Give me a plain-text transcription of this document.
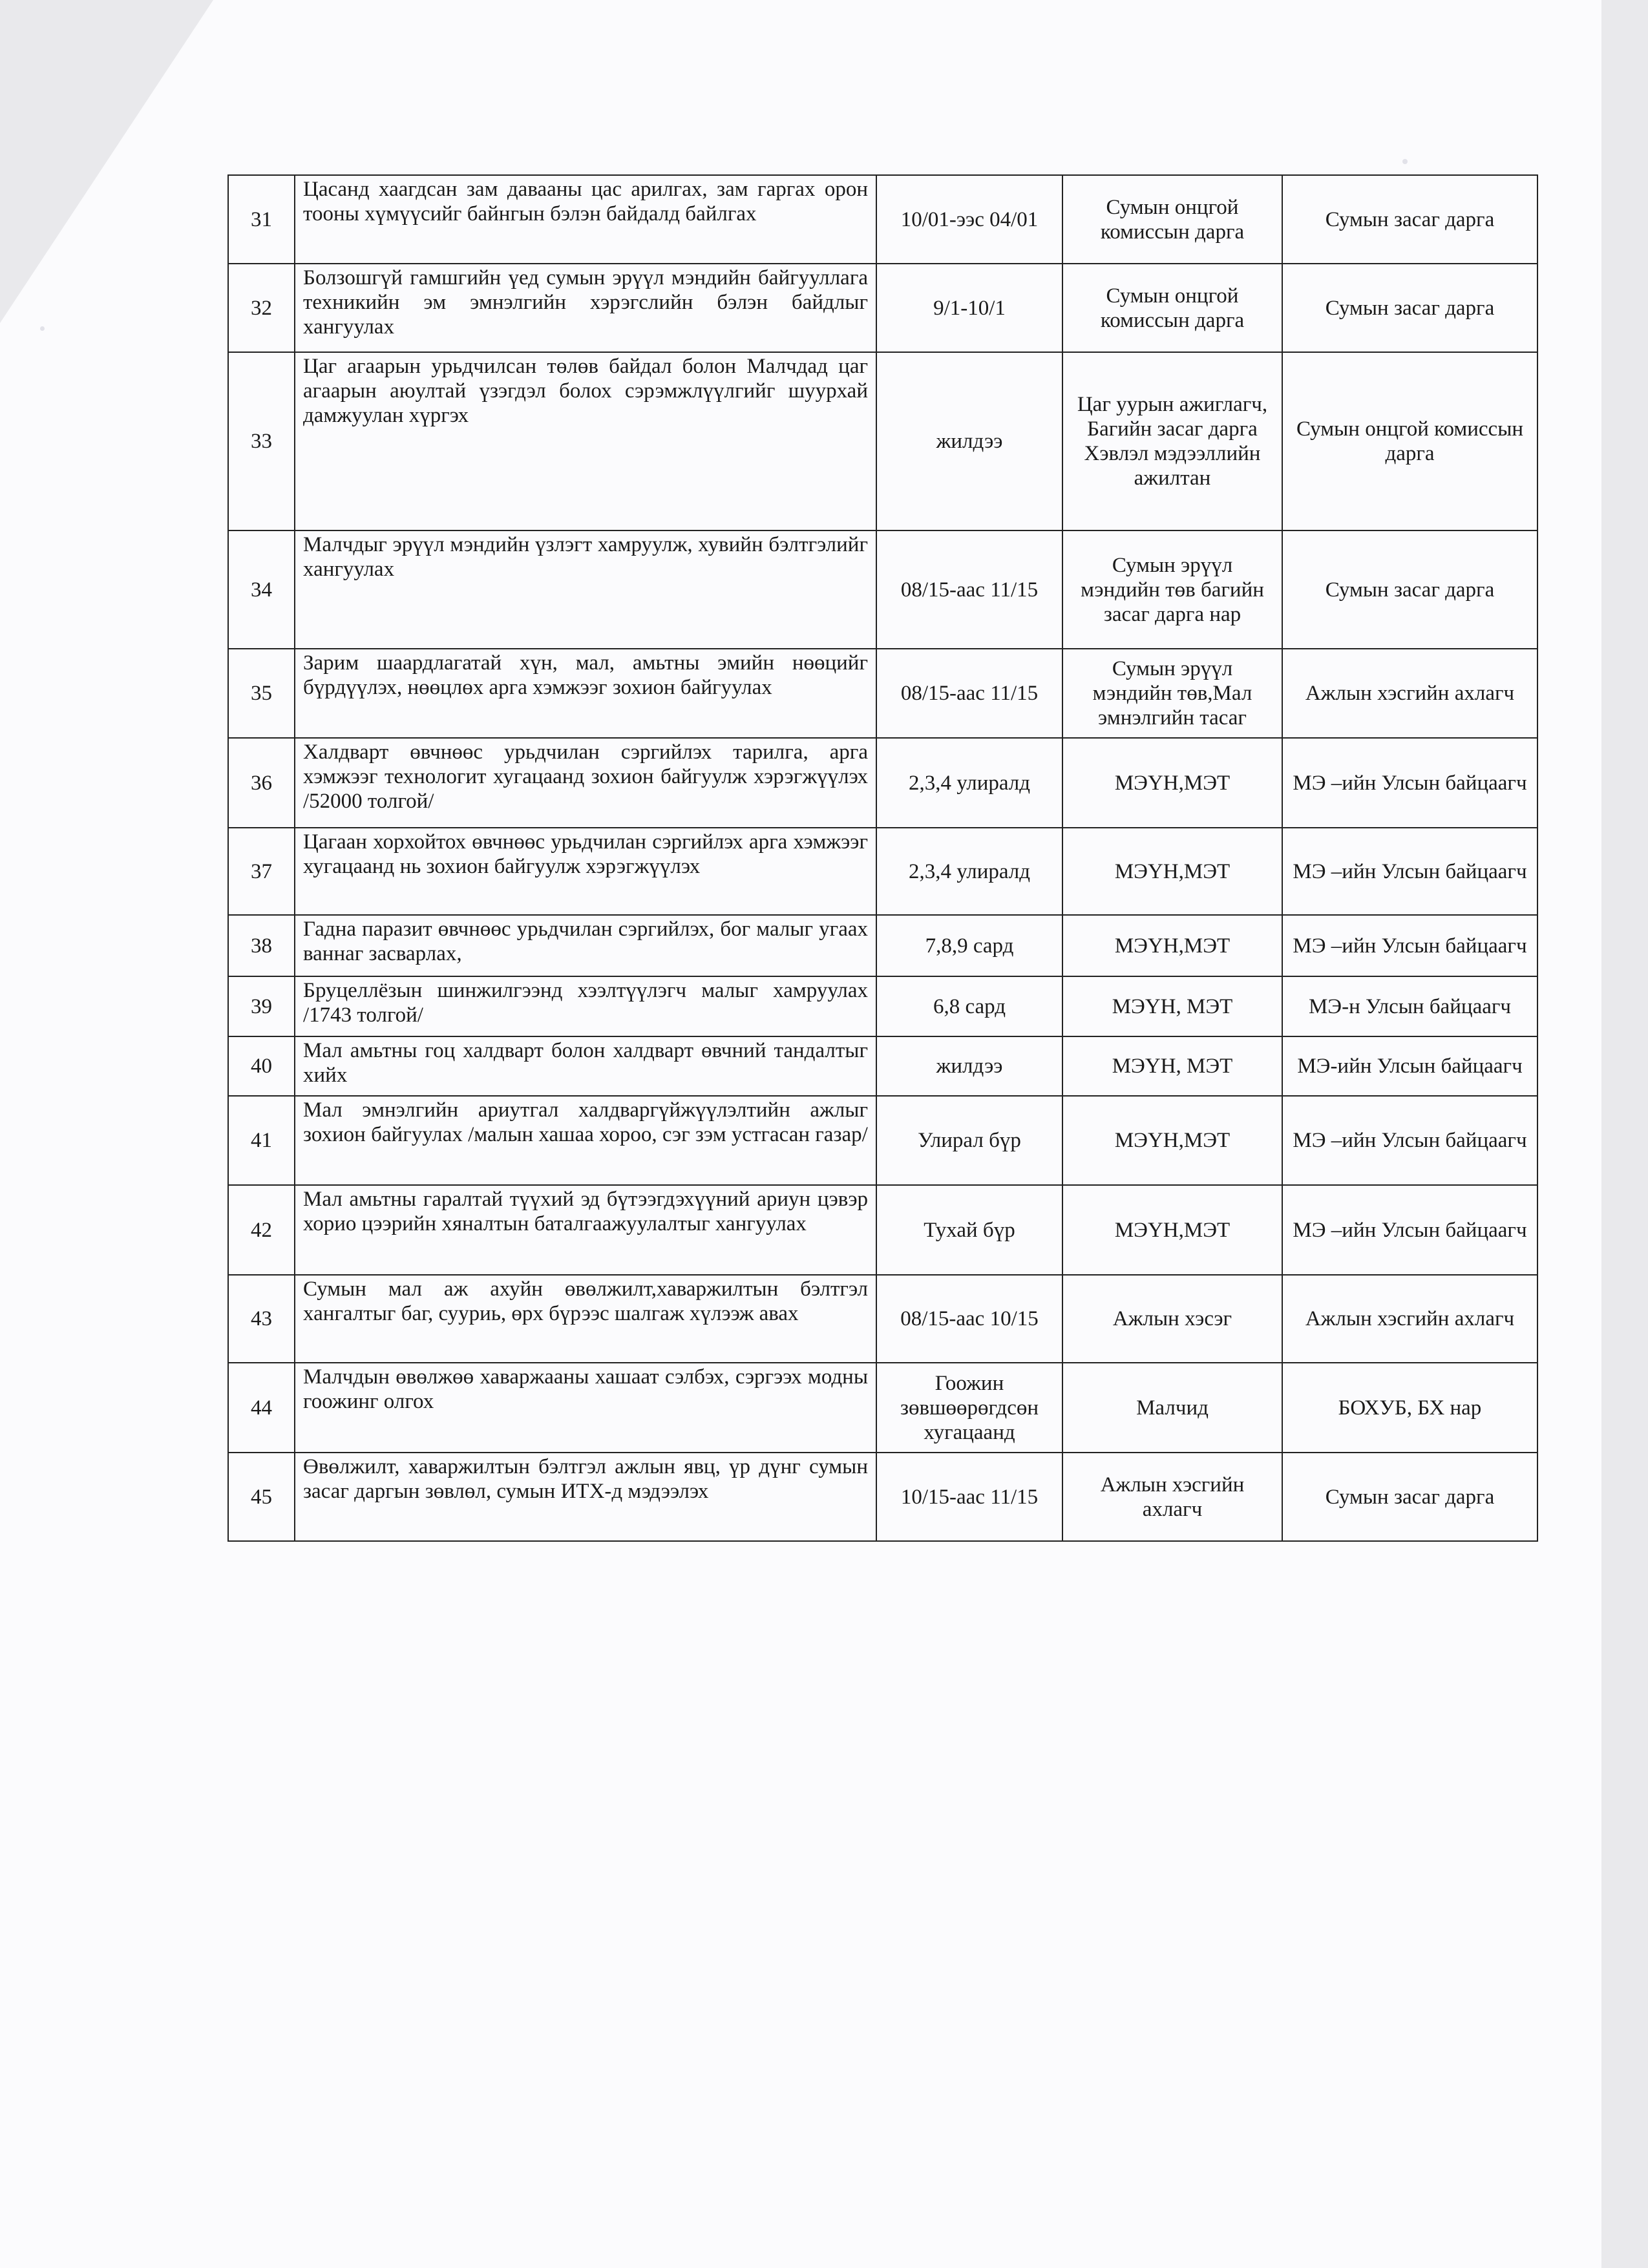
31	Цасанд хаагдсан зам давааны цас арилгах, зам гаргах орон тооны хүмүүсийг байнгын бэлэн байдалд байлгах	10/01-ээс 04/01	Сумын онцгой комиссын дарга	Сумын засаг дарга
32	Болзошгүй гамшгийн үед сумын эрүүл мэндийн байгууллага техникийн эм эмнэлгийн хэрэгслийн бэлэн байдлыг хангуулах	9/1-10/1	Сумын онцгой комиссын дарга	Сумын засаг дарга
33	Цаг агаарын урьдчилсан төлөв байдал болон Малчдад цаг агаарын аюултай үзэгдэл болох сэрэмжлүүлгийг шуурхай дамжуулан хүргэх	жилдээ	Цаг уурын ажиглагч, Багийн засаг дарга Хэвлэл мэдээллийн ажилтан	Сумын онцгой комиссын дарга
34	Малчдыг эрүүл мэндийн үзлэгт хамруулж, хувийн бэлтгэлийг хангуулах	08/15-аас 11/15	Сумын эрүүл мэндийн төв багийн засаг дарга нар	Сумын засаг дарга
35	Зарим шаардлагатай хүн, мал, амьтны эмийн нөөцийг бүрдүүлэх, нөөцлөх арга хэмжээг зохион байгуулах	08/15-аас 11/15	Сумын эрүүл мэндийн төв,Мал эмнэлгийн тасаг	Ажлын хэсгийн ахлагч
36	Халдварт өвчнөөс урьдчилан сэргийлэх тарилга, арга хэмжээг технологит хугацаанд зохион байгуулж хэрэгжүүлэх /52000 толгой/	2,3,4 улиралд	МЭҮН,МЭТ	МЭ –ийн Улсын байцаагч
37	Цагаан хорхойтох өвчнөөс урьдчилан сэргийлэх арга хэмжээг хугацаанд нь зохион байгуулж хэрэгжүүлэх	2,3,4 улиралд	МЭҮН,МЭТ	МЭ –ийн Улсын байцаагч
38	Гадна паразит өвчнөөс урьдчилан сэргийлэх, бог малыг угаах ваннаг засварлах,	7,8,9 сард	МЭҮН,МЭТ	МЭ –ийн Улсын байцаагч
39	Бруцеллёзын шинжилгээнд хээлтүүлэгч малыг хамруулах /1743 толгой/	6,8 сард	МЭҮН, МЭТ	МЭ-н Улсын байцаагч
40	Мал амьтны гоц халдварт болон халдварт өвчний тандалтыг хийх	жилдээ	МЭҮН, МЭТ	МЭ-ийн Улсын байцаагч
41	Мал эмнэлгийн ариутгал халдваргүйжүүлэлтийн ажлыг зохион байгуулах /малын хашаа хороо, сэг зэм устгасан газар/	Улирал бүр	МЭҮН,МЭТ	МЭ –ийн Улсын байцаагч
42	Мал амьтны гаралтай түүхий эд бүтээгдэхүүний ариун цэвэр хорио цээрийн хяналтын баталгаажуулалтыг хангуулах	Тухай бүр	МЭҮН,МЭТ	МЭ –ийн Улсын байцаагч
43	Сумын мал аж ахуйн өвөлжилт,хаваржилтын бэлтгэл хангалтыг баг, сууриь, өрх бүрээс шалгаж хүлээж авах	08/15-аас 10/15	Ажлын хэсэг	Ажлын хэсгийн ахлагч
44	Малчдын өвөлжөө хаваржааны хашаат сэлбэх, сэргээх модны гоожинг олгох	Гоожин зөвшөөрөгдсөн хугацаанд	Малчид	БОХУБ, БХ нар
45	Өвөлжилт, хаваржилтын бэлтгэл ажлын явц, үр дүнг сумын засаг даргын зөвлөл, сумын ИТХ-д мэдээлэх	10/15-аас 11/15	Ажлын хэсгийн ахлагч	Сумын засаг дарга
